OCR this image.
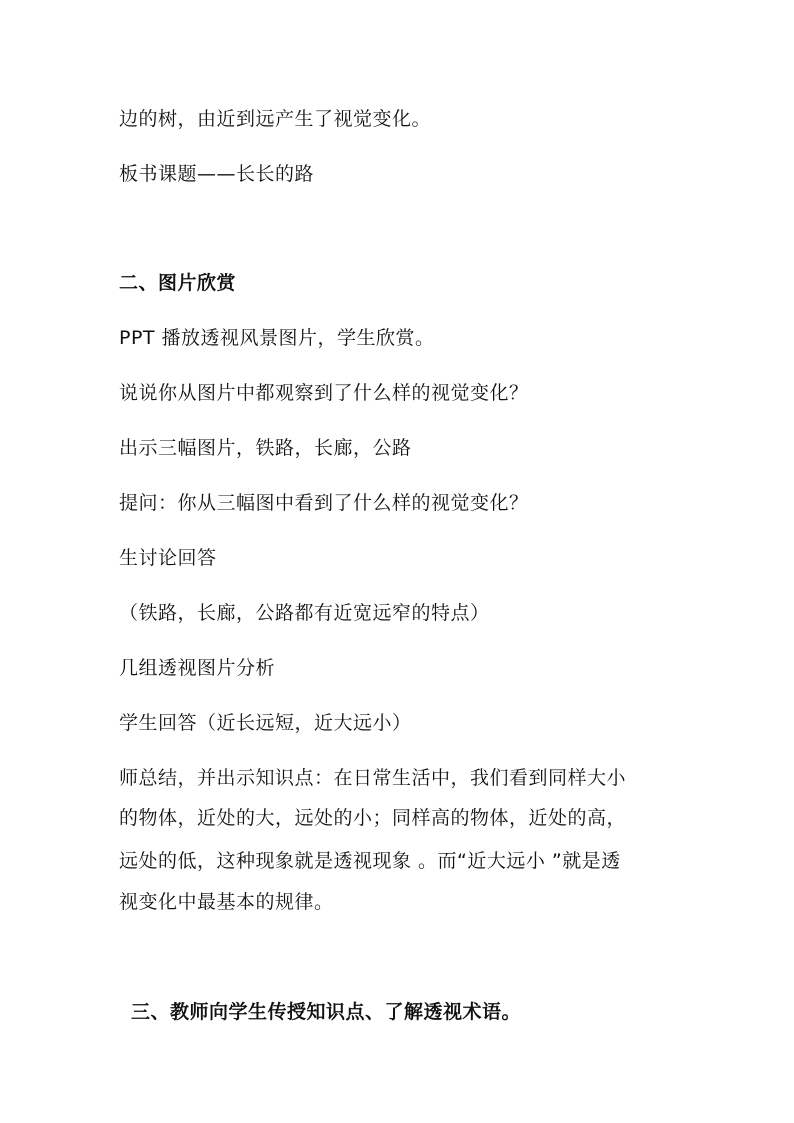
边的树，由近到远产生了视觉变化。
板书课题——长长的路
二、图片欣赏
PPT 播放透视风景图片，学生欣赏。
说说你从图片中都观察到了什么样的视觉变化？
出示三幅图片，铁路，长廊，公路
提问：你从三幅图中看到了什么样的视觉变化？
生讨论回答
（铁路，长廊，公路都有近宽远窄的特点）
几组透视图片分析
学生回答（近长远短，近大远小）
师总结，并出示知识点：在日常生活中，我们看到同样大小
的物体，近处的大，远处的小；同样高的物体，近处的高，
远处的低，这种现象就是透视现象 。而“近大远小 ”就是透
视变化中最基本的规律。
三、教师向学生传授知识点、了解透视术语。
